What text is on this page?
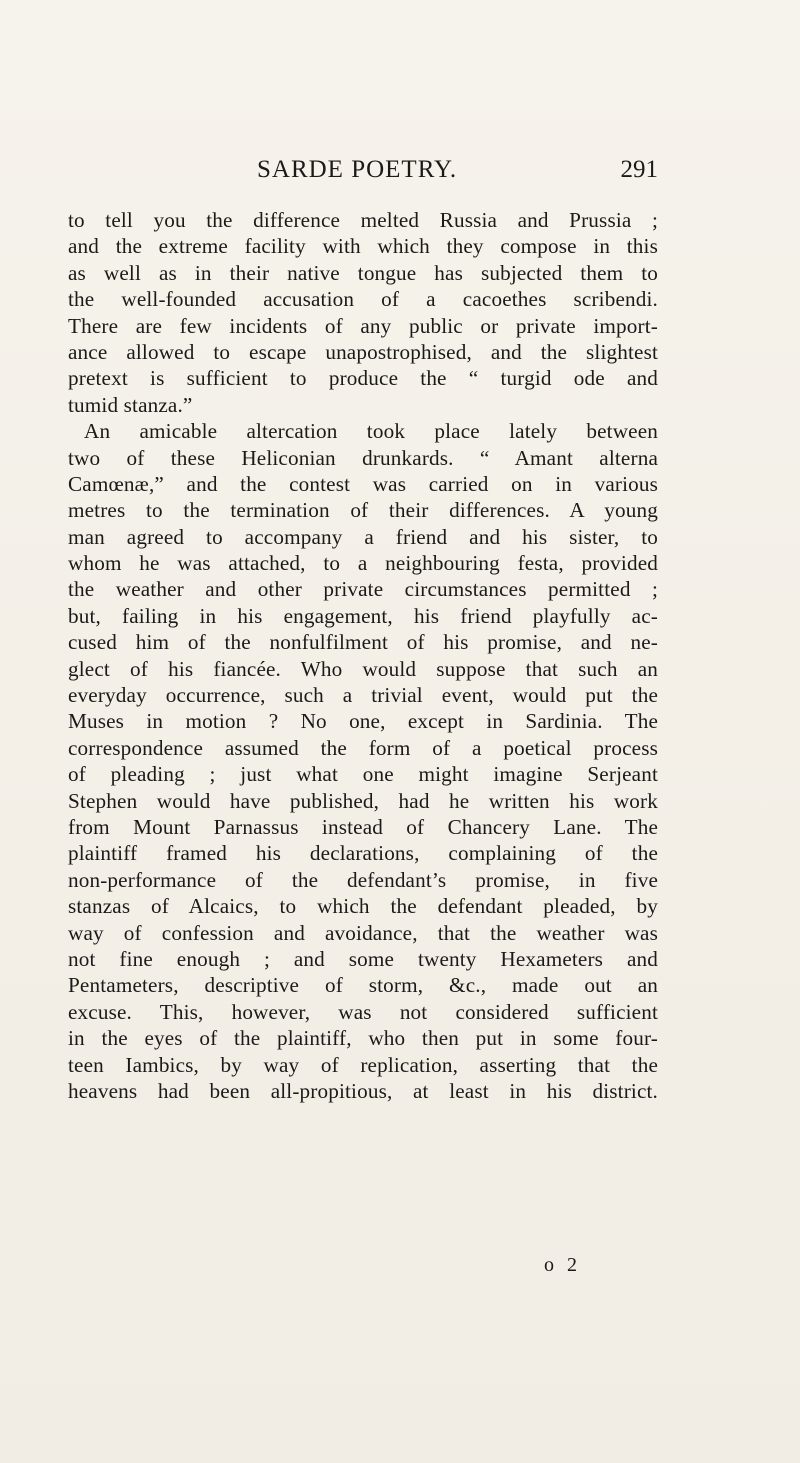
SARDE POETRY.	291
to tell you the difference melted Russia and Prussia ;
and the extreme facility with which they compose in this
as well as in their native tongue has subjected them to
the well-founded accusation of a cacoethes scribendi.
There are few incidents of any public or private import-
ance allowed to escape unapostrophised, and the slightest
pretext is sufficient to produce the “ turgid ode and
tumid stanza.”
An amicable altercation took place lately between
two of these Heliconian drunkards. “ Amant alterna
Camœnæ,” and the contest was carried on in various
metres to the termination of their differences. A young
man agreed to accompany a friend and his sister, to
whom he was attached, to a neighbouring festa, provided
the weather and other private circumstances permitted ;
but, failing in his engagement, his friend playfully ac-
cused him of the nonfulfilment of his promise, and ne-
glect of his fiancée. Who would suppose that such an
everyday occurrence, such a trivial event, would put the
Muses in motion ? No one, except in Sardinia. The
correspondence assumed the form of a poetical process
of pleading ; just what one might imagine Serjeant
Stephen would have published, had he written his work
from Mount Parnassus instead of Chancery Lane. The
plaintiff framed his declarations, complaining of the
non-performance of the defendant’s promise, in five
stanzas of Alcaics, to which the defendant pleaded, by
way of confession and avoidance, that the weather was
not fine enough ; and some twenty Hexameters and
Pentameters, descriptive of storm, &c., made out an
excuse. This, however, was not considered sufficient
in the eyes of the plaintiff, who then put in some four-
teen Iambics, by way of replication, asserting that the
heavens had been all-propitious, at least in his district.
o 2
